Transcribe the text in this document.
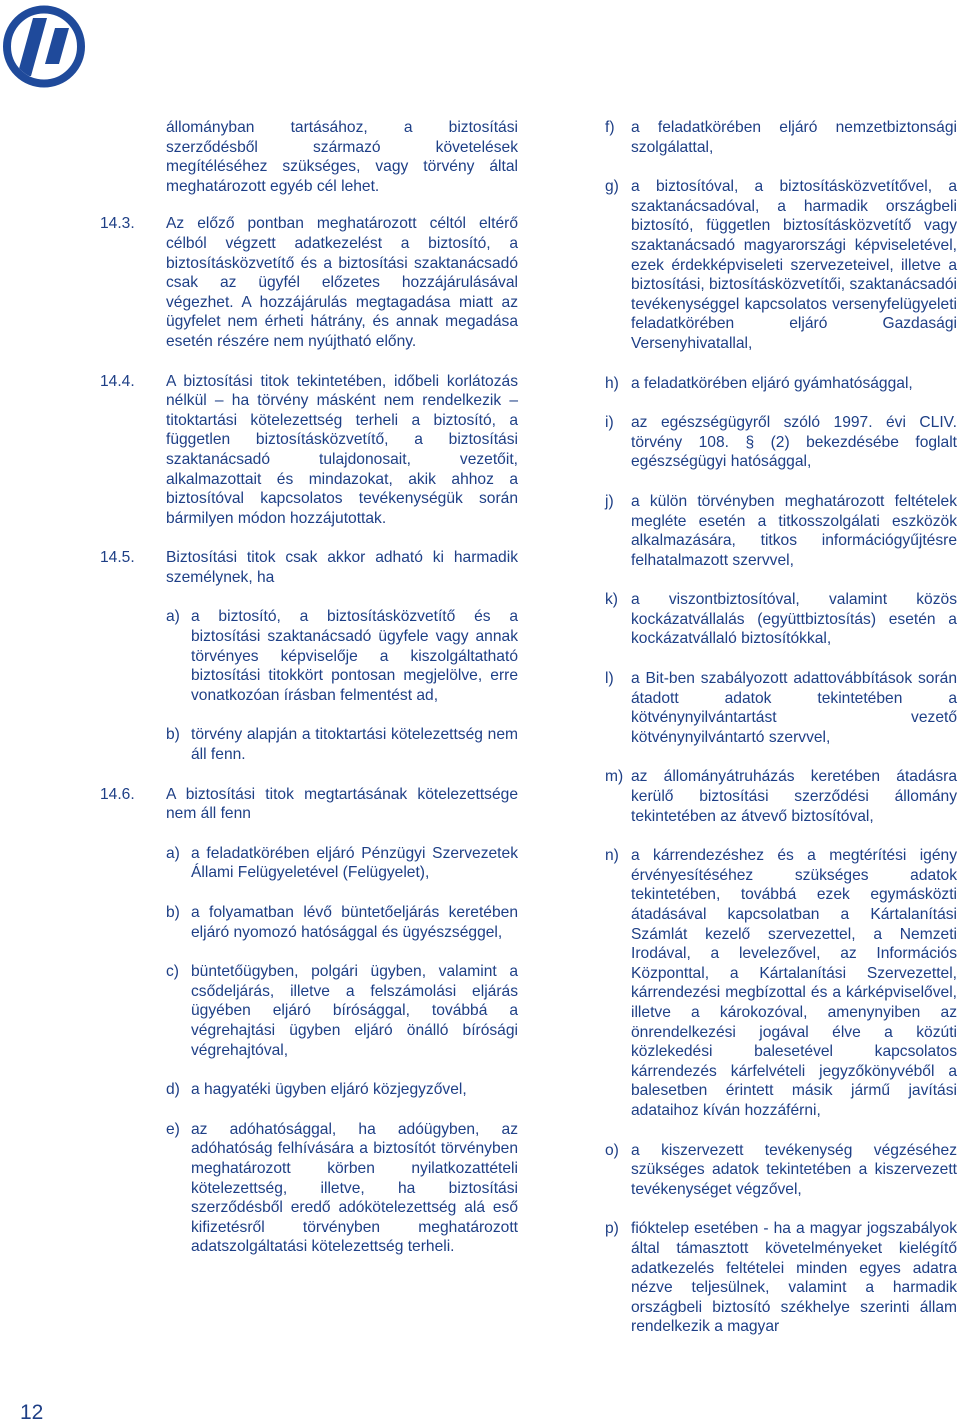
állományban tartásához, a biztosítási szerződésből származó követelések megítéléséhez szükséges, vagy törvény által meghatározott egyéb cél lehet.
14.3.	Az előző pontban meghatározott céltól eltérő célból végzett adatkezelést a biztosító, a biztosításközvetítő és a biztosítási szaktanácsadó csak az ügyfél előzetes hozzájárulásával végezhet. A hozzájárulás megtagadása miatt az ügyfelet nem érheti hátrány, és annak megadása esetén részére nem nyújtható előny.
14.4.	A biztosítási titok tekintetében, időbeli korlátozás nélkül – ha törvény másként nem rendelkezik – titoktartási kötelezettség terheli a biztosító, a független biztosításközvetítő, a biztosítási szaktanácsadó tulajdonosait, vezetőit, alkalmazottait és mindazokat, akik ahhoz a biztosítóval kapcsolatos tevékenységük során bármilyen módon hozzájutottak.
14.5.	Biztosítási titok csak akkor adható ki harmadik személynek, ha
a) a biztosító, a biztosításközvetítő és a biztosítási szaktanácsadó ügyfele vagy annak törvényes képviselője a kiszolgáltatható biztosítási titokkört pontosan megjelölve, erre vonatkozóan írásban felmentést ad,
b) törvény alapján a titoktartási kötelezettség nem áll fenn.
14.6.	A biztosítási titok megtartásának kötelezettsége nem áll fenn
a) a feladatkörében eljáró Pénzügyi Szervezetek Állami Felügyeletével (Felügyelet),
b) a folyamatban lévő büntetőeljárás keretében eljáró nyomozó hatósággal és ügyészséggel,
c) büntetőügyben, polgári ügyben, valamint a csődeljárás, illetve a felszámolási eljárás ügyében eljáró bírósággal, továbbá a végrehajtási ügyben eljáró önálló bírósági végrehajtóval,
d) a hagyatéki ügyben eljáró közjegyzővel,
e) az adóhatósággal, ha adóügyben, az adóhatóság felhívására a biztosítót törvényben meghatározott körben nyilatkozattételi kötelezettség, illetve, ha biztosítási szerződésből eredő adókötelezettség alá eső kifizetésről törvényben meghatározott adatszolgáltatási kötelezettség terheli.
f)	a feladatkörében eljáró nemzetbiztonsági szolgálattal,
g) a biztosítóval, a biztosításközvetítővel, a szaktanácsadóval, a harmadik országbeli biztosító, független biztosításközvetítő vagy szaktanácsadó magyarországi képviseletével, ezek érdekképviseleti szervezeteivel, illetve a biztosítási, biztosításközvetítői, szaktanácsadói tevékenységgel kapcsolatos versenyfelügyeleti feladatkörében eljáró Gazdasági Versenyhivatallal,
h) a feladatkörében eljáró gyámhatósággal,
i)	az egészségügyről szóló 1997. évi CLIV. törvény 108. § (2) bekezdésébe foglalt egészségügyi hatósággal,
j)	a külön törvényben meghatározott feltételek megléte esetén a titkosszolgálati eszközök alkalmazására, titkos információgyűjtésre felhatalmazott szervvel,
k) a viszontbiztosítóval, valamint közös kockázatvállalás (együttbiztosítás) esetén a kockázatvállaló biztosítókkal,
l)	a Bit-ben szabályozott adattovábbítások során átadott adatok tekintetében a kötvénynyilvántartást vezető kötvénynyilvántartó szervvel,
m) az állományátruházás keretében átadásra kerülő biztosítási szerződési állomány tekintetében az átvevő biztosítóval,
n) a kárrendezéshez és a megtérítési igény érvényesítéséhez szükséges adatok tekintetében, továbbá ezek egymásközti átadásával kapcsolatban a Kártalanítási Számlát kezelő szervezettel, a Nemzeti Irodával, a levelezővel, az Információs Központtal, a Kártalanítási Szervezettel, kárrendezési megbízottal és a kárképviselővel, illetve a károkozóval, amenynyiben az önrendelkezési jogával élve a közúti közlekedési balesetével kapcsolatos kárrendezés kárfelvételi jegyzőkönyvéből a balesetben érintett másik jármű javítási adataihoz kíván hozzáférni,
o) a kiszervezett tevékenység végzéséhez szükséges adatok tekintetében a kiszervezett tevékenységet végzővel,
p) fióktelep esetében - ha a magyar jogszabályok által támasztott követelményeket kielégítő adatkezelés feltételei minden egyes adatra nézve teljesülnek, valamint a harmadik országbeli biztosító székhelye szerinti állam rendelkezik a magyar
12
